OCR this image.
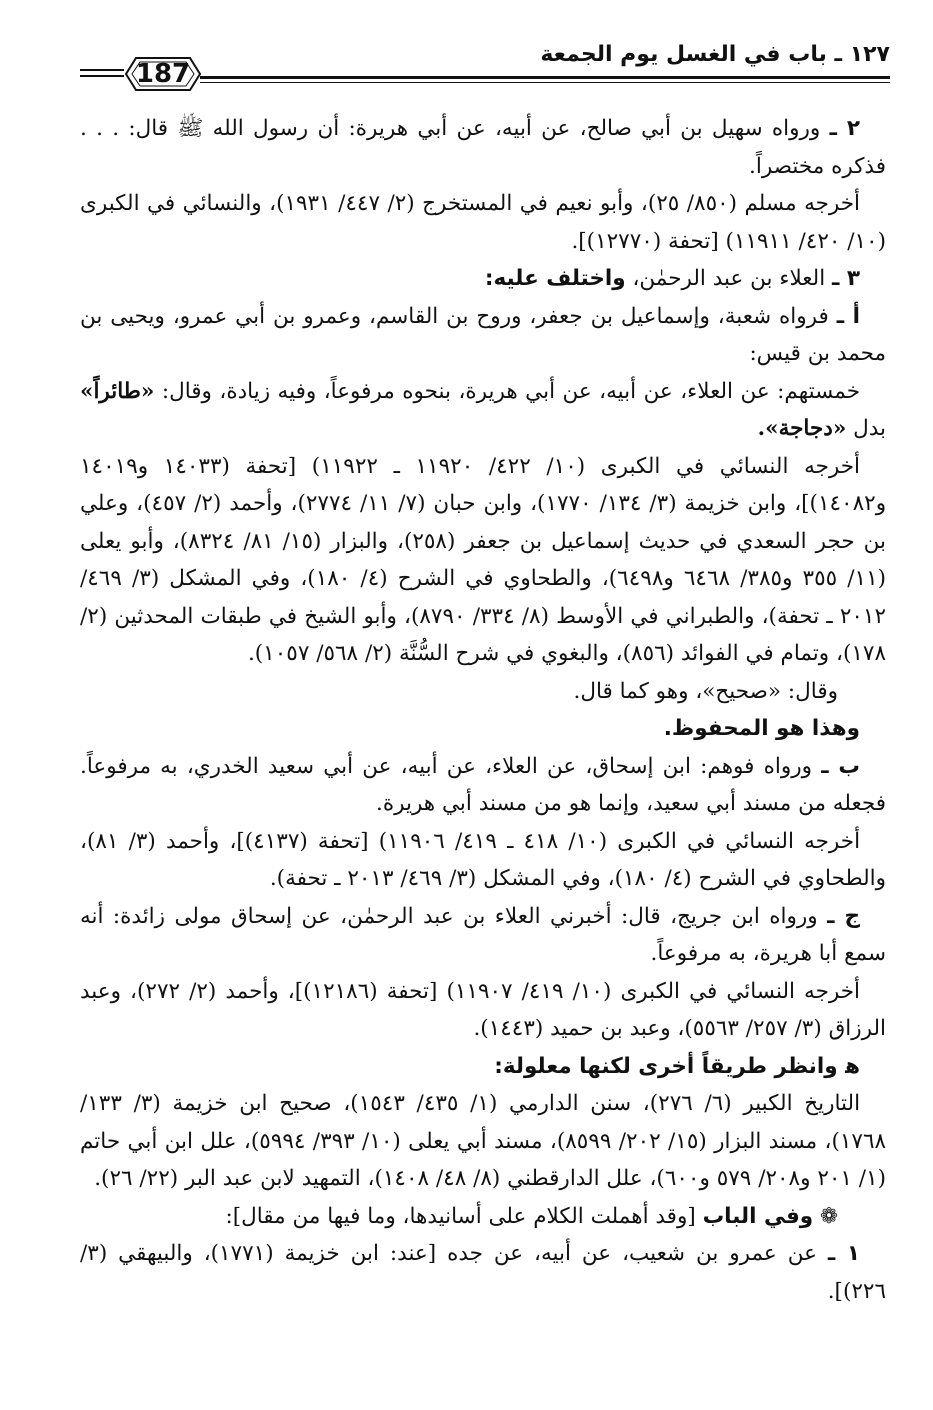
١٢٧ ـ باب في الغسل يوم الجمعة
187

٢ ـ ورواه سهيل بن أبي صالح، عن أبيه، عن أبي هريرة: أن رسول الله ﷺ قال: . . . فذكره مختصراً.

أخرجه مسلم (٨٥٠/ ٢٥)، وأبو نعيم في المستخرج (٢/ ٤٤٧/ ١٩٣١)، والنسائي في الكبرى (١٠/ ٤٢٠/ ١١٩١١) [تحفة (١٢٧٧٠)].

٣ ـ العلاء بن عبد الرحمٰن، واختلف عليه:

أ ـ فرواه شعبة، وإسماعيل بن جعفر، وروح بن القاسم، وعمرو بن أبي عمرو، ويحيى بن محمد بن قيس:

خمستهم: عن العلاء، عن أبيه، عن أبي هريرة، بنحوه مرفوعاً، وفيه زيادة، وقال: «طائراً» بدل «دجاجة».

أخرجه النسائي في الكبرى (١٠/ ٤٢٢/ ١١٩٢٠ ـ ١١٩٢٢) [تحفة (١٤٠٣٣ و١٤٠١٩ و١٤٠٨٢)]، وابن خزيمة (٣/ ١٣٤/ ١٧٧٠)، وابن حبان (٧/ ١١/ ٢٧٧٤)، وأحمد (٢/ ٤٥٧)، وعلي بن حجر السعدي في حديث إسماعيل بن جعفر (٢٥٨)، والبزار (١٥/ ٨١/ ٨٣٢٤)، وأبو يعلى (١١/ ٣٥٥ و٣٨٥/ ٦٤٦٨ و٦٤٩٨)، والطحاوي في الشرح (٤/ ١٨٠)، وفي المشكل (٣/ ٤٦٩/ ٢٠١٢ ـ تحفة)، والطبراني في الأوسط (٨/ ٣٣٤/ ٨٧٩٠)، وأبو الشيخ في طبقات المحدثين (٢/ ١٧٨)، وتمام في الفوائد (٨٥٦)، والبغوي في شرح السُّنَّة (٢/ ٥٦٨/ ١٠٥٧).

وقال: «صحيح»، وهو كما قال.

وهذا هو المحفوظ.

ب ـ ورواه فوهم: ابن إسحاق، عن العلاء، عن أبيه، عن أبي سعيد الخدري، به مرفوعاً. فجعله من مسند أبي سعيد، وإنما هو من مسند أبي هريرة.

أخرجه النسائي في الكبرى (١٠/ ٤١٨ ـ ٤١٩/ ١١٩٠٦) [تحفة (٤١٣٧)]، وأحمد (٣/ ٨١)، والطحاوي في الشرح (٤/ ١٨٠)، وفي المشكل (٣/ ٤٦٩/ ٢٠١٣ ـ تحفة).

ج ـ ورواه ابن جريج، قال: أخبرني العلاء بن عبد الرحمٰن، عن إسحاق مولى زائدة: أنه سمع أبا هريرة، به مرفوعاً.

أخرجه النسائي في الكبرى (١٠/ ٤١٩/ ١١٩٠٧) [تحفة (١٢١٨٦)]، وأحمد (٢/ ٢٧٢)، وعبد الرزاق (٣/ ٢٥٧/ ٥٥٦٣)، وعبد بن حميد (١٤٤٣).

ﻫ وانظر طريقاً أخرى لكنها معلولة:

التاريخ الكبير (٦/ ٢٧٦)، سنن الدارمي (١/ ٤٣٥/ ١٥٤٣)، صحيح ابن خزيمة (٣/ ١٣٣/ ١٧٦٨)، مسند البزار (١٥/ ٢٠٢/ ٨٥٩٩)، مسند أبي يعلى (١٠/ ٣٩٣/ ٥٩٩٤)، علل ابن أبي حاتم (١/ ٢٠١ و٢٠٨/ ٥٧٩ و٦٠٠)، علل الدارقطني (٨/ ٤٨/ ١٤٠٨)، التمهيد لابن عبد البر (٢٢/ ٢٦).

❁ وفي الباب [وقد أهملت الكلام على أسانيدها، وما فيها من مقال]:

١ ـ عن عمرو بن شعيب، عن أبيه، عن جده [عند: ابن خزيمة (١٧٧١)، والبيهقي (٣/ ٢٢٦)].
